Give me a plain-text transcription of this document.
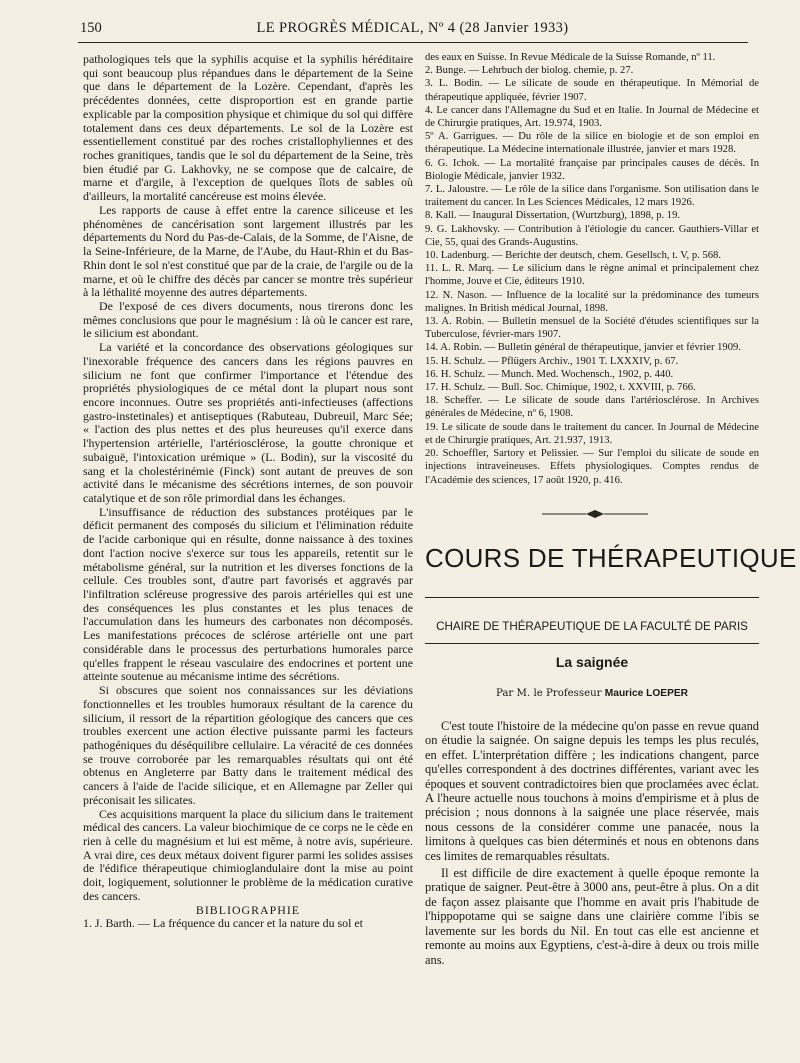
150	LE PROGRÈS MÉDICAL, Nº 4 (28 Janvier 1933)

pathologiques tels que la syphilis acquise et la syphilis héréditaire qui sont beaucoup plus répandues dans le département de la Seine que dans le département de la Lozère. Cependant, d'après les précédentes données, cette disproportion est en grande partie explicable par la composition physique et chimique du sol qui diffère totalement dans ces deux départements. Le sol de la Lozère est essentiellement constitué par des roches cristallophyliennes et des roches granitiques, tandis que le sol du département de la Seine, très bien étudié par G. Lakhovky, ne se compose que de calcaire, de marne et d'argile, à l'exception de quelques îlots de sables où d'ailleurs, la mortalité cancéreuse est moins élevée.

Les rapports de cause à effet entre la carence siliceuse et les phénomènes de cancérisation sont largement illustrés par les départements du Nord du Pas-de-Calais, de la Somme, de l'Aisne, de la Seine-Inférieure, de la Marne, de l'Aube, du Haut-Rhin et du Bas-Rhin dont le sol n'est constitué que par de la craie, de l'argile ou de la marne, et où le chiffre des décès par cancer se montre très supérieur à la léthalité moyenne des autres départements.

De l'exposé de ces divers documents, nous tirerons donc les mêmes conclusions que pour le magnésium : là où le cancer est rare, le silicium est abondant.

La variété et la concordance des observations géologiques sur l'inexorable fréquence des cancers dans les régions pauvres en silicium ne font que confirmer l'importance et l'étendue des propriétés physiologiques de ce métal dont la plupart nous sont encore inconnues. Outre ses propriétés anti-infectieuses (affections gastro-instetinales) et antiseptiques (Rabuteau, Dubreuil, Marc Sée; « l'action des plus nettes et des plus heureuses qu'il exerce dans l'hypertension artérielle, l'artériosclérose, la goutte chronique et subaiguë, l'intoxication urémique » (L. Bodin), sur la viscosité du sang et la cholestérinémie (Finck) sont autant de preuves de son activité dans le mécanisme des sécrétions internes, de son pouvoir catalytique et de son rôle primordial dans les échanges.

L'insuffisance de réduction des substances protéiques par le déficit permanent des composés du silicium et l'élimination réduite de l'acide carbonique qui en résulte, donne naissance à des toxines dont l'action nocive s'exerce sur tous les appareils, retentit sur le métabolisme général, sur la nutrition et les diverses fonctions de la cellule. Ces troubles sont, d'autre part favorisés et aggravés par l'infiltration scléreuse progressive des parois artérielles qui est une des conséquences les plus constantes et les plus tenaces de l'accumulation dans les humeurs des carbonates non décomposés. Les manifestations précoces de sclérose artérielle ont une part considérable dans le processus des perturbations humorales parce qu'elles frappent le réseau vasculaire des endocrines et portent une atteinte soutenue au mécanisme intime des sécrétions.

Si obscures que soient nos connaissances sur les déviations fonctionnelles et les troubles humoraux résultant de la carence du silicium, il ressort de la répartition géologique des cancers que ces troubles exercent une action élective puissante parmi les facteurs pathogéniques du déséquilibre cellulaire. La véracité de ces données se trouve corroborée par les remarquables résultats qui ont été obtenus en Angleterre par Batty dans le traitement médical des cancers à l'aide de l'acide silicique, et en Allemagne par Zeller qui préconisait les silicates.

Ces acquisitions marquent la place du silicium dans le traitement médical des cancers. La valeur biochimique de ce corps ne le cède en rien à celle du magnésium et lui est même, à notre avis, supérieure. A vrai dire, ces deux métaux doivent figurer parmi les solides assises de l'édifice thérapeutique chimioglandulaire dont la mise au point doit, logiquement, solutionner le problème de la médication curative des cancers.

BIBLIOGRAPHIE

1. J. Barth. — La fréquence du cancer et la nature du sol et

des eaux en Suisse. In Revue Médicale de la Suisse Romande, nº 11.

2. Bunge. — Lehrbuch der biolog. chemie, p. 27.

3. L. Bodin. — Le silicate de soude en thérapeutique. In Mémorial de thérapeutique appliquée, février 1907.

4. Le cancer dans l'Allemagne du Sud et en Italie. In Journal de Médecine et de Chirurgie pratiques, Art. 19.974, 1903.

5º A. Garrigues. — Du rôle de la silice en biologie et de son emploi en thérapeutique. La Médecine internationale illustrée, janvier et mars 1928.

6. G. Ichok. — La mortalité française par principales causes de décès. In Biologie Médicale, janvier 1932.

7. L. Jaloustre. — Le rôle de la silice dans l'organisme. Son utilisation dans le traitement du cancer. In Les Sciences Médicales, 12 mars 1926.

8. Kall. — Inaugural Dissertation, (Wurtzburg), 1898, p. 19.

9. G. Lakhovsky. — Contribution à l'étiologie du cancer. Gauthiers-Villar et Cie, 55, quai des Grands-Augustins.

10. Ladenburg. — Berichte der deutsch, chem. Gesellsch, t. V, p. 568.

11. L. R. Marq. — Le silicium dans le règne animal et principalement chez l'homme, Jouve et Cie, éditeurs 1910.

12. N. Nason. — Influence de la localité sur la prédominance des tumeurs malignes. In British médical Journal, 1898.

13. A. Robin. — Bulletin mensuel de la Société d'études scientifiques sur la Tuberculose, février-mars 1907.

14. A. Robin. — Bulletin général de thérapeutique, janvier et février 1909.

15. H. Schulz. — Pflügers Archiv., 1901 T. LXXXIV, p. 67.

16. H. Schulz. — Munch. Med. Wochensch., 1902, p. 440.

17. H. Schulz. — Bull. Soc. Chimique, 1902, t. XXVIII, p. 766.

18. Scheffer. — Le silicate de soude dans l'artériosclérose. In Archives générales de Médecine, nº 6, 1908.

19. Le silicate de soude dans le traitement du cancer. In Journal de Médecine et de Chirurgie pratiques, Art. 21.937, 1913.

20. Schoeffler, Sartory et Pelissier. — Sur l'emploi du silicate de soude en injections intraveineuses. Effets physiologiques. Comptes rendus de l'Académie des sciences, 17 août 1920, p. 416.

COURS DE THÉRAPEUTIQUE
CHAIRE DE THÉRAPEUTIQUE DE LA FACULTÉ DE PARIS
La saignée
Par M. le Professeur Maurice LOEPER

C'est toute l'histoire de la médecine qu'on passe en revue quand on étudie la saignée. On saigne depuis les temps les plus reculés, en effet. L'interprétation diffère ; les indications changent, parce qu'elles correspondent à des doctrines différentes, variant avec les époques et souvent contradictoires bien que proclamées avec éclat. A l'heure actuelle nous touchons à moins d'empirisme et à plus de précision ; nous donnons à la saignée une place réservée, mais nous cessons de la considérer comme une panacée, nous la limitons à quelques cas bien déterminés et nous en obtenons dans ces limites de remarquables résultats.

Il est difficile de dire exactement à quelle époque remonte la pratique de saigner. Peut-être à 3000 ans, peut-être à plus. On a dit de façon assez plaisante que l'homme en avait pris l'habitude de l'hippopotame qui se saigne dans une clairière comme l'ibis se lavemente sur les bords du Nil. En tout cas elle est ancienne et remonte au moins aux Egyptiens, c'est-à-dire à deux ou trois mille ans.
